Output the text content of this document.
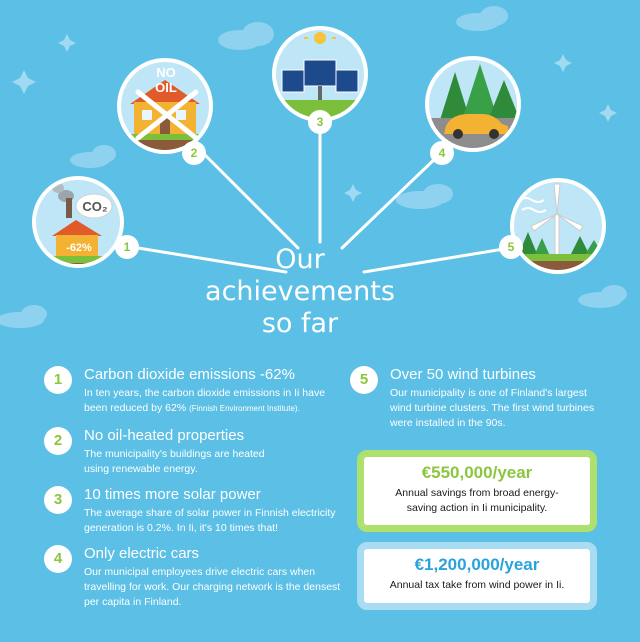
CO₂
-62%
NO
OIL
1
2
3
4
5
Our
achievements
so far
1	Carbon dioxide emissions -62%
In ten years, the carbon dioxide emissions in Ii have been reduced by 62% (Finnish Environment Institute).
2	No oil-heated properties
The municipality's buildings are heated using renewable energy.
3	10 times more solar power
The average share of solar power in Finnish electricity generation is 0.2%. In Ii, it's 10 times that!
4	Only electric cars
Our municipal employees drive electric cars when travelling for work. Our charging network is the densest per capita in Finland.
5	Over 50 wind turbines
Our municipality is one of Finland's largest wind turbine clusters. The first wind turbines were installed in the 90s.
€550,000/year
Annual savings from broad energy-saving action in Ii municipality.
€1,200,000/year
Annual tax take from wind power in Ii.
